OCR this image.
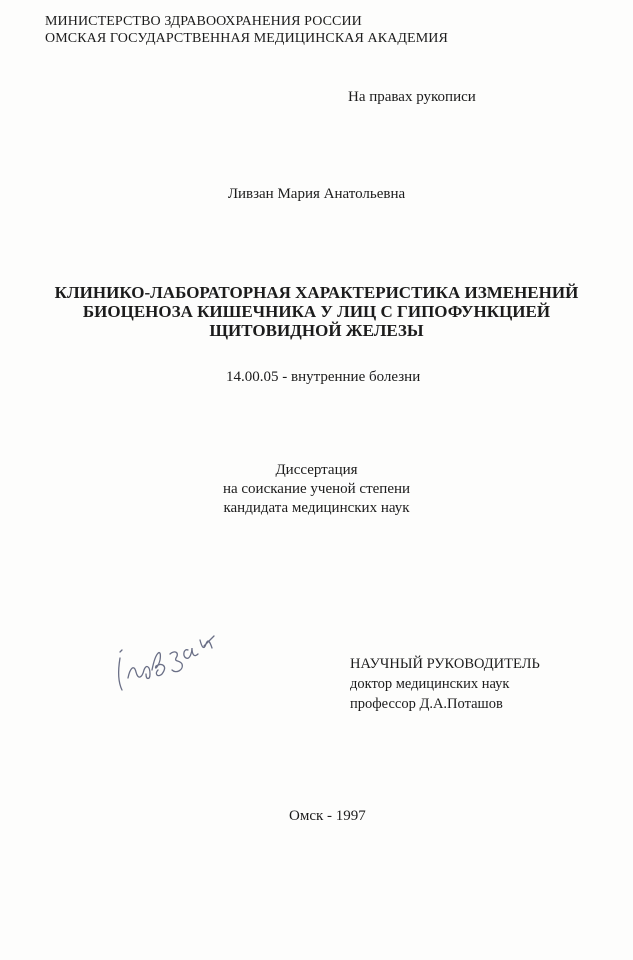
МИНИСТЕРСТВО ЗДРАВООХРАНЕНИЯ РОССИИ
ОМСКАЯ ГОСУДАРСТВЕННАЯ МЕДИЦИНСКАЯ АКАДЕМИЯ
На правах рукописи
Ливзан Мария Анатольевна
КЛИНИКО-ЛАБОРАТОРНАЯ ХАРАКТЕРИСТИКА ИЗМЕНЕНИЙ
БИОЦЕНОЗА КИШЕЧНИКА У ЛИЦ С ГИПОФУНКЦИЕЙ
ЩИТОВИДНОЙ ЖЕЛЕЗЫ
14.00.05 - внутренние болезни
Диссертация
на соискание ученой степени
кандидата медицинских наук
НАУЧНЫЙ РУКОВОДИТЕЛЬ
доктор медицинских наук
профессор Д.А.Поташов
Омск - 1997
